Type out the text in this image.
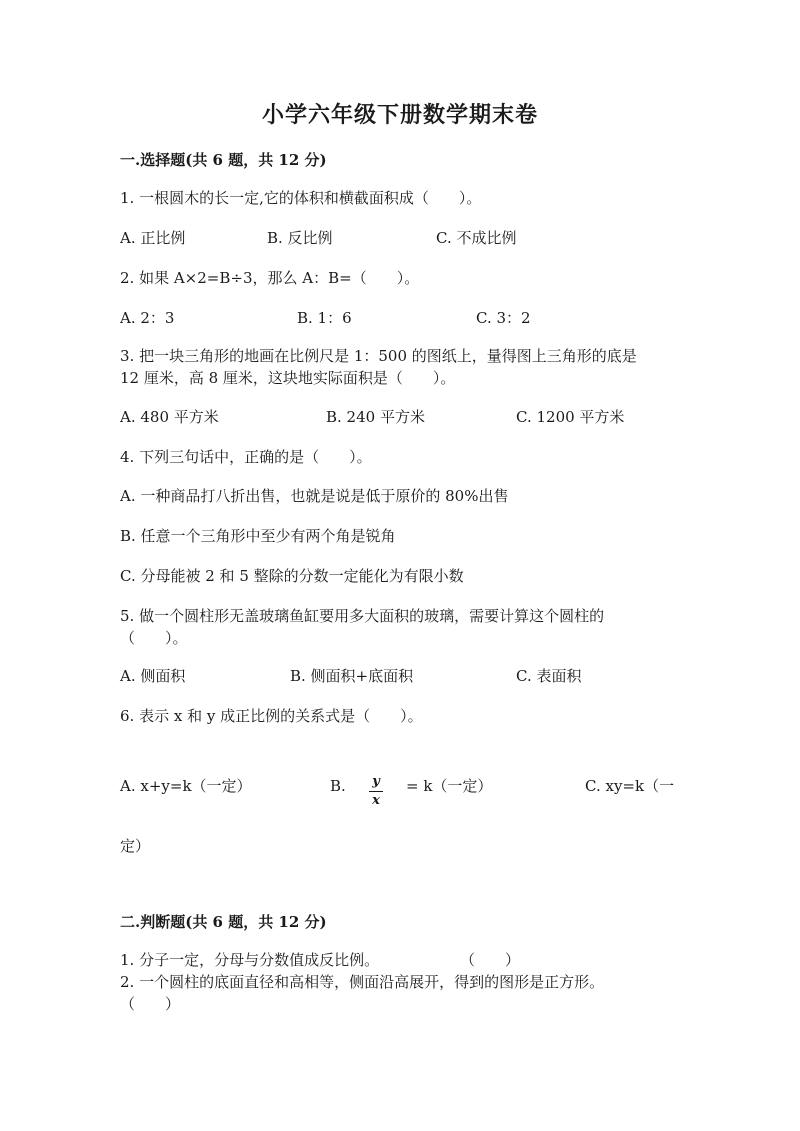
小学六年级下册数学期末卷
一.选择题(共 6 题，共 12 分)
1. 一根圆木的长一定,它的体积和横截面积成（　　）。
A. 正比例	B. 反比例	C. 不成比例
2. 如果 A×2=B÷3，那么 A：B=（　　）。
A. 2：3	B. 1：6	C. 3：2
3. 把一块三角形的地画在比例尺是 1：500 的图纸上，量得图上三角形的底是
12 厘米，高 8 厘米，这块地实际面积是（　　）。
A. 480 平方米	B. 240 平方米	C. 1200 平方米
4. 下列三句话中，正确的是（　　）。
A. 一种商品打八折出售，也就是说是低于原价的 80%出售
B. 任意一个三角形中至少有两个角是锐角
C. 分母能被 2 和 5 整除的分数一定能化为有限小数
5. 做一个圆柱形无盖玻璃鱼缸要用多大面积的玻璃，需要计算这个圆柱的
（　　）。
A. 侧面积	B. 侧面积+底面积	C. 表面积
6. 表示 x 和 y 成正比例的关系式是（　　）。
A. x+y=k（一定）	B.	y
x
= k（一定）	C. xy=k（一
定）
二.判断题(共 6 题，共 12 分)
1. 分子一定，分母与分数值成反比例。	（　　）
2. 一个圆柱的底面直径和高相等，侧面沿高展开，得到的图形是正方形。
（　　）
